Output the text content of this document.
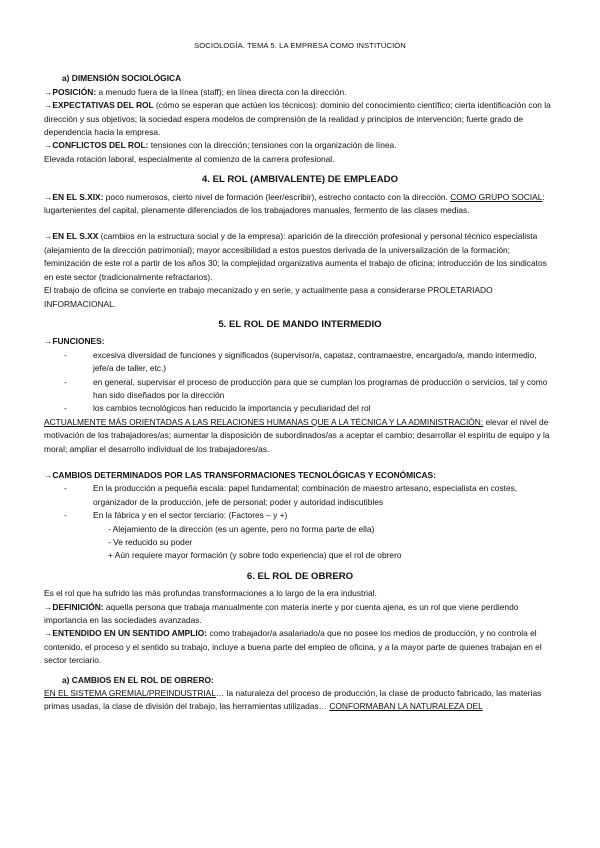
SOCIOLOGÍA. TEMA 5. LA EMPRESA COMO INSTITUCIÓN

a) DIMENSIÓN SOCIOLÓGICA

→POSICIÓN: a menudo fuera de la línea (staff); en línea directa con la dirección.

→EXPECTATIVAS DEL ROL (cómo se esperan que actúen los técnicos): dominio del conocimiento científico; cierta identificación con la dirección y sus objetivos; la sociedad espera modelos de comprensión de la realidad y principios de intervención; fuerte grado de dependencia hacia la empresa.

→CONFLICTOS DEL ROL: tensiones con la dirección; tensiones con la organización de línea.

Elevada rotación laboral, especialmente al comienzo de la carrera profesional.

4. EL ROL (AMBIVALENTE) DE EMPLEADO

→EN EL S.XIX: poco numerosos, cierto nivel de formación (leer/escribir), estrecho contacto con la dirección. COMO GRUPO SOCIAL: lugartenientes del capital, plenamente diferenciados de los trabajadores manuales, fermento de las clases medias.

→EN EL S.XX (cambios en la estructura social y de la empresa): aparición de la dirección profesional y personal técnico especialista (alejamiento de la dirección patrimonial); mayor accesibilidad a estos puestos derivada de la universalización de la formación; feminización de este rol a partir de los años 30; la complejidad organizativa aumenta el trabajo de oficina; introducción de los sindicatos en este sector (tradicionalmente refractarios).

El trabajo de oficina se convierte en trabajo mecanizado y en serie, y actualmente pasa a considerarse PROLETARIADO INFORMACIONAL.

5. EL ROL DE MANDO INTERMEDIO

→FUNCIONES:

- excesiva diversidad de funciones y significados (supervisor/a, capataz, contramaestre, encargado/a, mando intermedio, jefe/a de taller, etc.)
- en general, supervisar el proceso de producción para que se cumplan los programas de producción o servicios, tal y como han sido diseñados por la dirección
- los cambios tecnológicos han reducido la importancia y peculiaridad del rol

ACTUALMENTE MÁS ORIENTADAS A LAS RELACIONES HUMANAS QUE A LA TÉCNICA Y LA ADMINISTRACIÓN: elevar el nivel de motivación de los trabajadores/as; aumentar la disposición de subordinados/as a aceptar el cambio; desarrollar el espíritu de equipo y la moral; ampliar el desarrollo individual de los trabajadores/as.

→CAMBIOS DETERMINADOS POR LAS TRANSFORMACIONES TECNOLÓGICAS Y ECONÓMICAS:

- En la producción a pequeña escala: papel fundamental; combinación de maestro artesano, especialista en costes, organizador de la producción, jefe de personal; poder y autoridad indiscutibles
- En la fábrica y en el sector terciario: (Factores – y +)

- Alejamiento de la dirección (es un agente, pero no forma parte de ella)

- Ve reducido su poder

+ Aún requiere mayor formación (y sobre todo experiencia) que el rol de obrero

6. EL ROL DE OBRERO

Es el rol que ha sufrido las más profundas transformaciones a lo largo de la era industrial.

→DEFINICIÓN: aquella persona que trabaja manualmente con materia inerte y por cuenta ajena, es un rol que viene perdiendo importancia en las sociedades avanzadas.

→ENTENDIDO EN UN SENTIDO AMPLIO: como trabajador/a asalariado/a que no posee los medios de producción, y no controla el contenido, el proceso y el sentido su trabajo, incluye a buena parte del empleo de oficina, y a la mayor parte de quienes trabajan en el sector terciario.

a) CAMBIOS EN EL ROL DE OBRERO:

EN EL SISTEMA GREMIAL/PREINDUSTRIAL… la naturaleza del proceso de producción, la clase de producto fabricado, las materias primas usadas, la clase de división del trabajo, las herramientas utilizadas… CONFORMABAN LA NATURALEZA DEL
